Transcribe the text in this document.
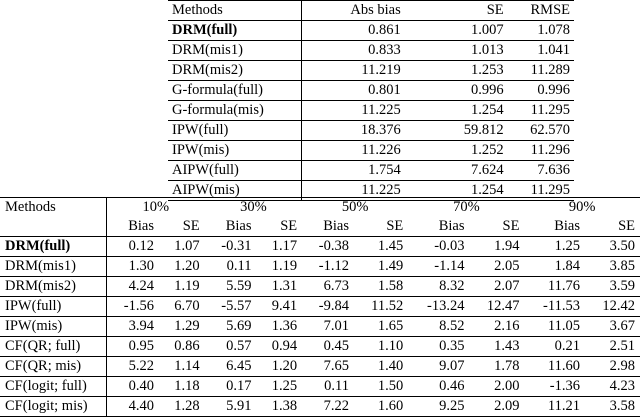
Methods	Abs bias	SE	RMSE
DRM(full)	0.861	1.007	1.078
DRM(mis1)	0.833	1.013	1.041
DRM(mis2)	11.219	1.253	11.289
G-formula(full)	0.801	0.996	0.996
G-formula(mis)	11.225	1.254	11.295
IPW(full)	18.376	59.812	62.570
IPW(mis)	11.226	1.252	11.296
AIPW(full)	1.754	7.624	7.636
AIPW(mis)	11.225	1.254	11.295
Methods	10%		30%		50%		70%		90%	
	Bias	SE	Bias	SE	Bias	SE	Bias	SE	Bias	SE
DRM(full)	0.12	1.07	-0.31	1.17	-0.38	1.45	-0.03	1.94	1.25	3.50
DRM(mis1)	1.30	1.20	0.11	1.19	-1.12	1.49	-1.14	2.05	1.84	3.85
DRM(mis2)	4.24	1.19	5.59	1.31	6.73	1.58	8.32	2.07	11.76	3.59
IPW(full)	-1.56	6.70	-5.57	9.41	-9.84	11.52	-13.24	12.47	-11.53	12.42
IPW(mis)	3.94	1.29	5.69	1.36	7.01	1.65	8.52	2.16	11.05	3.67
CF(QR; full)	0.95	0.86	0.57	0.94	0.45	1.10	0.35	1.43	0.21	2.51
CF(QR; mis)	5.22	1.14	6.45	1.20	7.65	1.40	9.07	1.78	11.60	2.98
CF(logit; full)	0.40	1.18	0.17	1.25	0.11	1.50	0.46	2.00	-1.36	4.23
CF(logit; mis)	4.40	1.28	5.91	1.38	7.22	1.60	9.25	2.09	11.21	3.58
